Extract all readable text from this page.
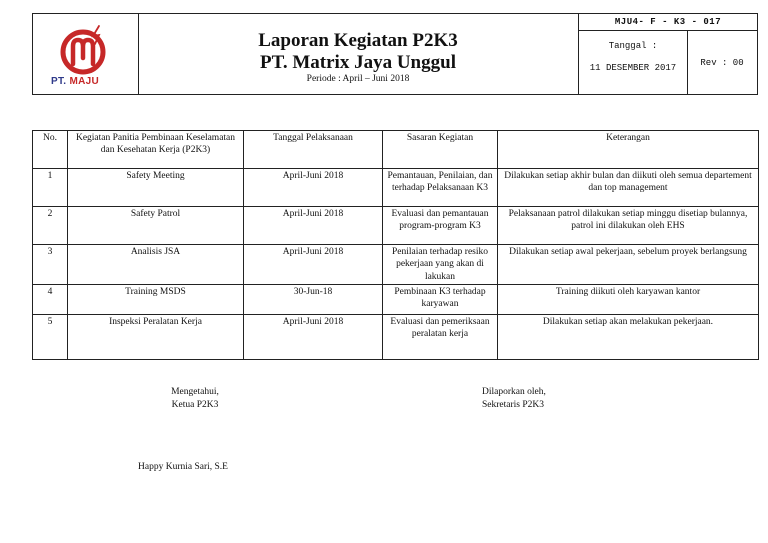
PT. MAJU
Laporan Kegiatan P2K3
PT. Matrix Jaya Unggul
Periode : April – Juni 2018
MJU4- F - K3 - 017
Tanggal :
11 DESEMBER 2017	Rev : 00
No.	Kegiatan Panitia Pembinaan Keselamatan dan Kesehatan Kerja (P2K3)	Tanggal Pelaksanaan	Sasaran Kegiatan	Keterangan
1	Safety Meeting	April-Juni 2018	Pemantauan, Penilaian, dan terhadap Pelaksanaan K3	Dilakukan setiap akhir bulan dan diikuti oleh semua departement dan top management
2	Safety Patrol	April-Juni 2018	Evaluasi dan pemantauan program-program K3	Pelaksanaan patrol dilakukan setiap minggu disetiap bulannya, patrol ini dilakukan oleh EHS
3	Analisis JSA	April-Juni 2018	Penilaian terhadap resiko pekerjaan yang akan di lakukan	Dilakukan setiap awal pekerjaan, sebelum proyek berlangsung
4	Training MSDS	30-Jun-18	Pembinaan K3 terhadap karyawan	Training diikuti oleh karyawan kantor
5	Inspeksi Peralatan Kerja	April-Juni 2018	Evaluasi dan pemeriksaan peralatan kerja	Dilakukan setiap akan melakukan pekerjaan.
Mengetahui,
Ketua P2K3
Dilaporkan oleh,
Sekretaris P2K3
Happy Kurnia Sari, S.E
